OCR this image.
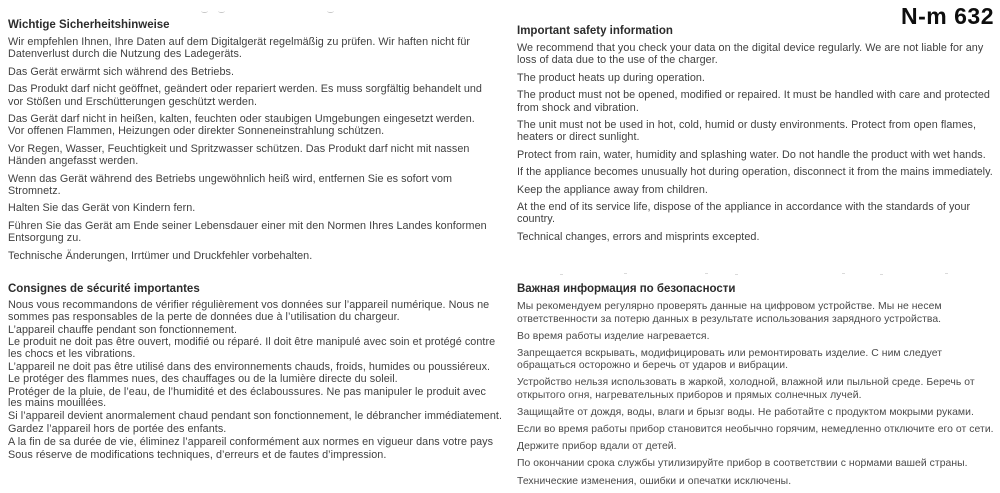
N-m 632
Wichtige Sicherheitshinweise

Wir empfehlen Ihnen, Ihre Daten auf dem Digitalgerät regelmäßig zu prüfen. Wir haften nicht für Datenverlust durch die Nutzung des Ladegeräts.

Das Gerät erwärmt sich während des Betriebs.

Das Produkt darf nicht geöffnet, geändert oder repariert werden. Es muss sorgfältig behandelt und vor Stößen und Erschütterungen geschützt werden.

Das Gerät darf nicht in heißen, kalten, feuchten oder staubigen Umgebungen eingesetzt werden. Vor offenen Flammen, Heizungen oder direkter Sonneneinstrahlung schützen.

Vor Regen, Wasser, Feuchtigkeit und Spritzwasser schützen. Das Produkt darf nicht mit nassen Händen angefasst werden.

Wenn das Gerät während des Betriebs ungewöhnlich heiß wird, entfernen Sie es sofort vom Stromnetz.

Halten Sie das Gerät von Kindern fern.

Führen Sie das Gerät am Ende seiner Lebensdauer einer mit den Normen Ihres Landes konformen Entsorgung zu.

Technische Änderungen, Irrtümer und Druckfehler vorbehalten.

Important safety information

We recommend that you check your data on the digital device regularly. We are not liable for any loss of data due to the use of the charger.

The product heats up during operation.

The product must not be opened, modified or repaired. It must be handled with care and protected from shock and vibration.

The unit must not be used in hot, cold, humid or dusty environments. Protect from open flames, heaters or direct sunlight.

Protect from rain, water, humidity and splashing water. Do not handle the product with wet hands.

If the appliance becomes unusually hot during operation, disconnect it from the mains immediately.

Keep the appliance away from children.

At the end of its service life, dispose of the appliance in accordance with the standards of your country.

Technical changes, errors and misprints excepted.

Consignes de sécurité importantes

Nous vous recommandons de vérifier régulièrement vos données sur l’appareil numérique. Nous ne sommes pas responsables de la perte de données due à l’utilisation du chargeur.

L’appareil chauffe pendant son fonctionnement.

Le produit ne doit pas être ouvert, modifié ou réparé. Il doit être manipulé avec soin et protégé contre les chocs et les vibrations.

L’appareil ne doit pas être utilisé dans des environnements chauds, froids, humides ou poussiéreux. Le protéger des flammes nues, des chauffages ou de la lumière directe du soleil.

Protéger de la pluie, de l’eau, de l’humidité et des éclaboussures. Ne pas manipuler le produit avec les mains mouillées.

Si l’appareil devient anormalement chaud pendant son fonctionnement, le débrancher immédiatement.

Gardez l’appareil hors de portée des enfants.

A la fin de sa durée de vie, éliminez l’appareil conformément aux normes en vigueur dans votre pays

Sous réserve de modifications techniques, d’erreurs et de fautes d’impression.

Важная информация по безопасности

Мы рекомендуем регулярно проверять данные на цифровом устройстве. Мы не несем ответственности за потерю данных в результате использования зарядного устройства.

Во время работы изделие нагревается.

Запрещается вскрывать, модифицировать или ремонтировать изделие. С ним следует обращаться осторожно и беречь от ударов и вибрации.

Устройство нельзя использовать в жаркой, холодной, влажной или пыльной среде. Беречь от открытого огня, нагревательных приборов и прямых солнечных лучей.

Защищайте от дождя, воды, влаги и брызг воды. Не работайте с продуктом мокрыми руками.

Если во время работы прибор становится необычно горячим, немедленно отключите его от сети.

Держите прибор вдали от детей.

По окончании срока службы утилизируйте прибор в соответствии с нормами вашей страны.

Технические изменения, ошибки и опечатки исключены.
